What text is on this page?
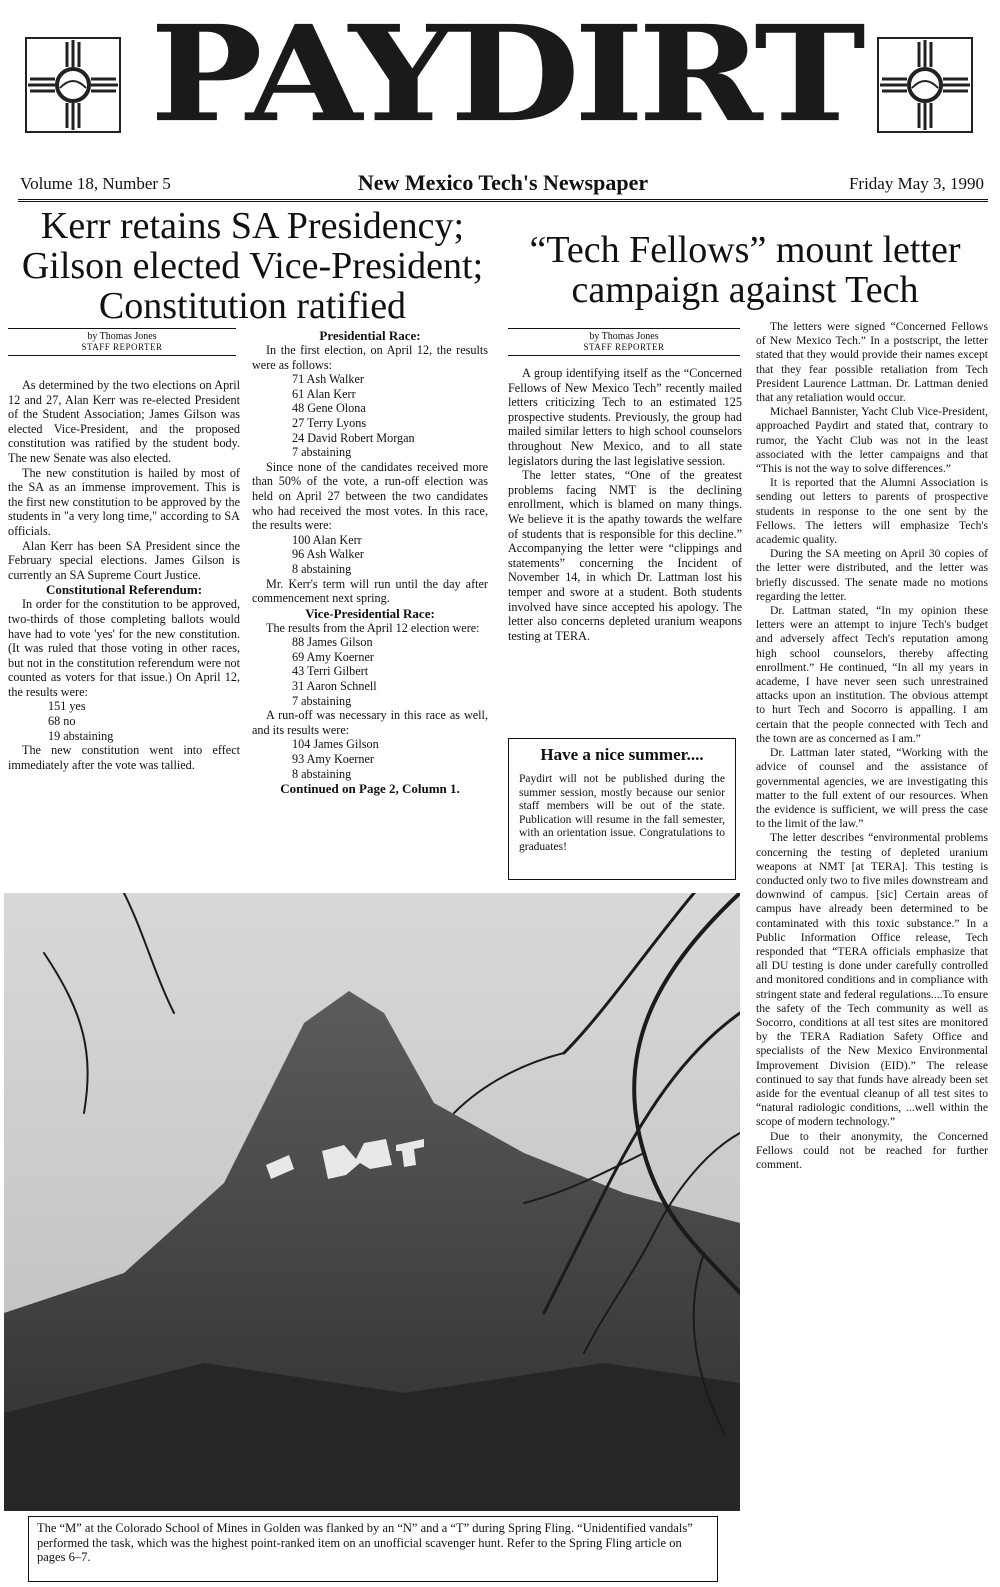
PAYDIRT
Volume 18, Number 5	New Mexico Tech's Newspaper	Friday May 3, 1990
Kerr retains SA Presidency;
Gilson elected Vice-President;
Constitution ratified
by Thomas Jones
STAFF REPORTER

As determined by the two elections on April 12 and 27, Alan Kerr was re-elected President of the Student Association; James Gilson was elected Vice-President, and the proposed constitution was ratified by the student body. The new Senate was also elected.

The new constitution is hailed by most of the SA as an immense improvement. This is the first new constitution to be approved by the students in "a very long time," according to SA officials.

Alan Kerr has been SA President since the February special elections. James Gilson is currently an SA Supreme Court Justice.

Constitutional Referendum:

In order for the constitution to be approved, two-thirds of those completing ballots would have had to vote 'yes' for the new constitution. (It was ruled that those voting in other races, but not in the constitution referendum were not counted as voters for that issue.) On April 12, the results were:

151 yes
68 no
19 abstaining

The new constitution went into effect immediately after the vote was tallied.

Presidential Race:

In the first election, on April 12, the results were as follows:

71 Ash Walker
61 Alan Kerr
48 Gene Olona
27 Terry Lyons
24 David Robert Morgan
7 abstaining

Since none of the candidates received more than 50% of the vote, a run-off election was held on April 27 between the two candidates who had received the most votes. In this race, the results were:

100 Alan Kerr
96 Ash Walker
8 abstaining

Mr. Kerr's term will run until the day after commencement next spring.

Vice-Presidential Race:

The results from the April 12 election were:

88 James Gilson
69 Amy Koerner
43 Terri Gilbert
31 Aaron Schnell
7 abstaining

A run-off was necessary in this race as well, and its results were:

104 James Gilson
93 Amy Koerner
8 abstaining
Continued on Page 2, Column 1.
“Tech Fellows” mount letter
campaign against Tech
by Thomas Jones
STAFF REPORTER

A group identifying itself as the “Concerned Fellows of New Mexico Tech” recently mailed letters criticizing Tech to an estimated 125 prospective students. Previously, the group had mailed similar letters to high school counselors throughout New Mexico, and to all state legislators during the last legislative session.

The letter states, “One of the greatest problems facing NMT is the declining enrollment, which is blamed on many things. We believe it is the apathy towards the welfare of students that is responsible for this decline.” Accompanying the letter were “clippings and statements” concerning the Incident of November 14, in which Dr. Lattman lost his temper and swore at a student. Both students involved have since accepted his apology. The letter also concerns depleted uranium weapons testing at TERA.

Have a nice summer....

Paydirt will not be published during the summer session, mostly because our senior staff members will be out of the state. Publication will resume in the fall semester, with an orientation issue. Congratulations to graduates!

The letters were signed “Concerned Fellows of New Mexico Tech.” In a postscript, the letter stated that they would provide their names except that they fear possible retaliation from Tech President Laurence Lattman. Dr. Lattman denied that any retaliation would occur.

Michael Bannister, Yacht Club Vice-President, approached Paydirt and stated that, contrary to rumor, the Yacht Club was not in the least associated with the letter campaigns and that “This is not the way to solve differences.”

It is reported that the Alumni Association is sending out letters to parents of prospective students in response to the one sent by the Fellows. The letters will emphasize Tech's academic quality.

During the SA meeting on April 30 copies of the letter were distributed, and the letter was briefly discussed. The senate made no motions regarding the letter.

Dr. Lattman stated, “In my opinion these letters were an attempt to injure Tech's budget and adversely affect Tech's reputation among high school counselors, thereby affecting enrollment.” He continued, “In all my years in academe, I have never seen such unrestrained attacks upon an institution. The obvious attempt to hurt Tech and Socorro is appalling. I am certain that the people connected with Tech and the town are as concerned as I am.”

Dr. Lattman later stated, “Working with the advice of counsel and the assistance of governmental agencies, we are investigating this matter to the full extent of our resources. When the evidence is sufficient, we will press the case to the limit of the law.”

The letter describes “environmental problems concerning the testing of depleted uranium weapons at NMT [at TERA]. This testing is conducted only two to five miles downstream and downwind of campus. [sic] Certain areas of campus have already been determined to be contaminated with this toxic substance.” In a Public Information Office release, Tech responded that “TERA officials emphasize that all DU testing is done under carefully controlled and monitored conditions and in compliance with stringent state and federal regulations....To ensure the safety of the Tech community as well as Socorro, conditions at all test sites are monitored by the TERA Radiation Safety Office and specialists of the New Mexico Environmental Improvement Division (EID).” The release continued to say that funds have already been set aside for the eventual cleanup of all test sites to “natural radiologic conditions, ...well within the scope of modern technology.”

Due to their anonymity, the Concerned Fellows could not be reached for further comment.

The “M” at the Colorado School of Mines in Golden was flanked by an “N” and a “T” during Spring Fling. “Unidentified vandals” performed the task, which was the highest point-ranked item on an unofficial scavenger hunt. Refer to the Spring Fling article on pages 6–7.
